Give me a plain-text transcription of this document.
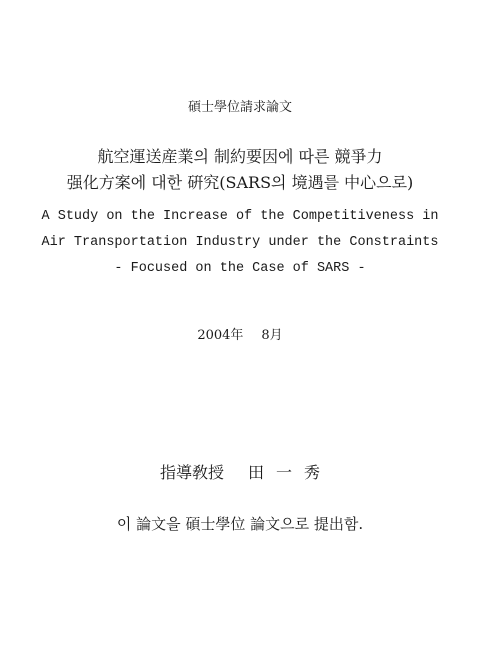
碩士學位請求論文
航空運送産業의 制約要因에 따른 競爭力
强化方案에 대한 硏究(SARS의 境遇를 中心으로)
A Study on the Increase of the Competitiveness in
Air Transportation Industry under the Constraints
- Focused on the Case of SARS -
2004年 8月
指導敎授 田 一 秀
이 論文을 碩士學位 論文으로 提出함.
